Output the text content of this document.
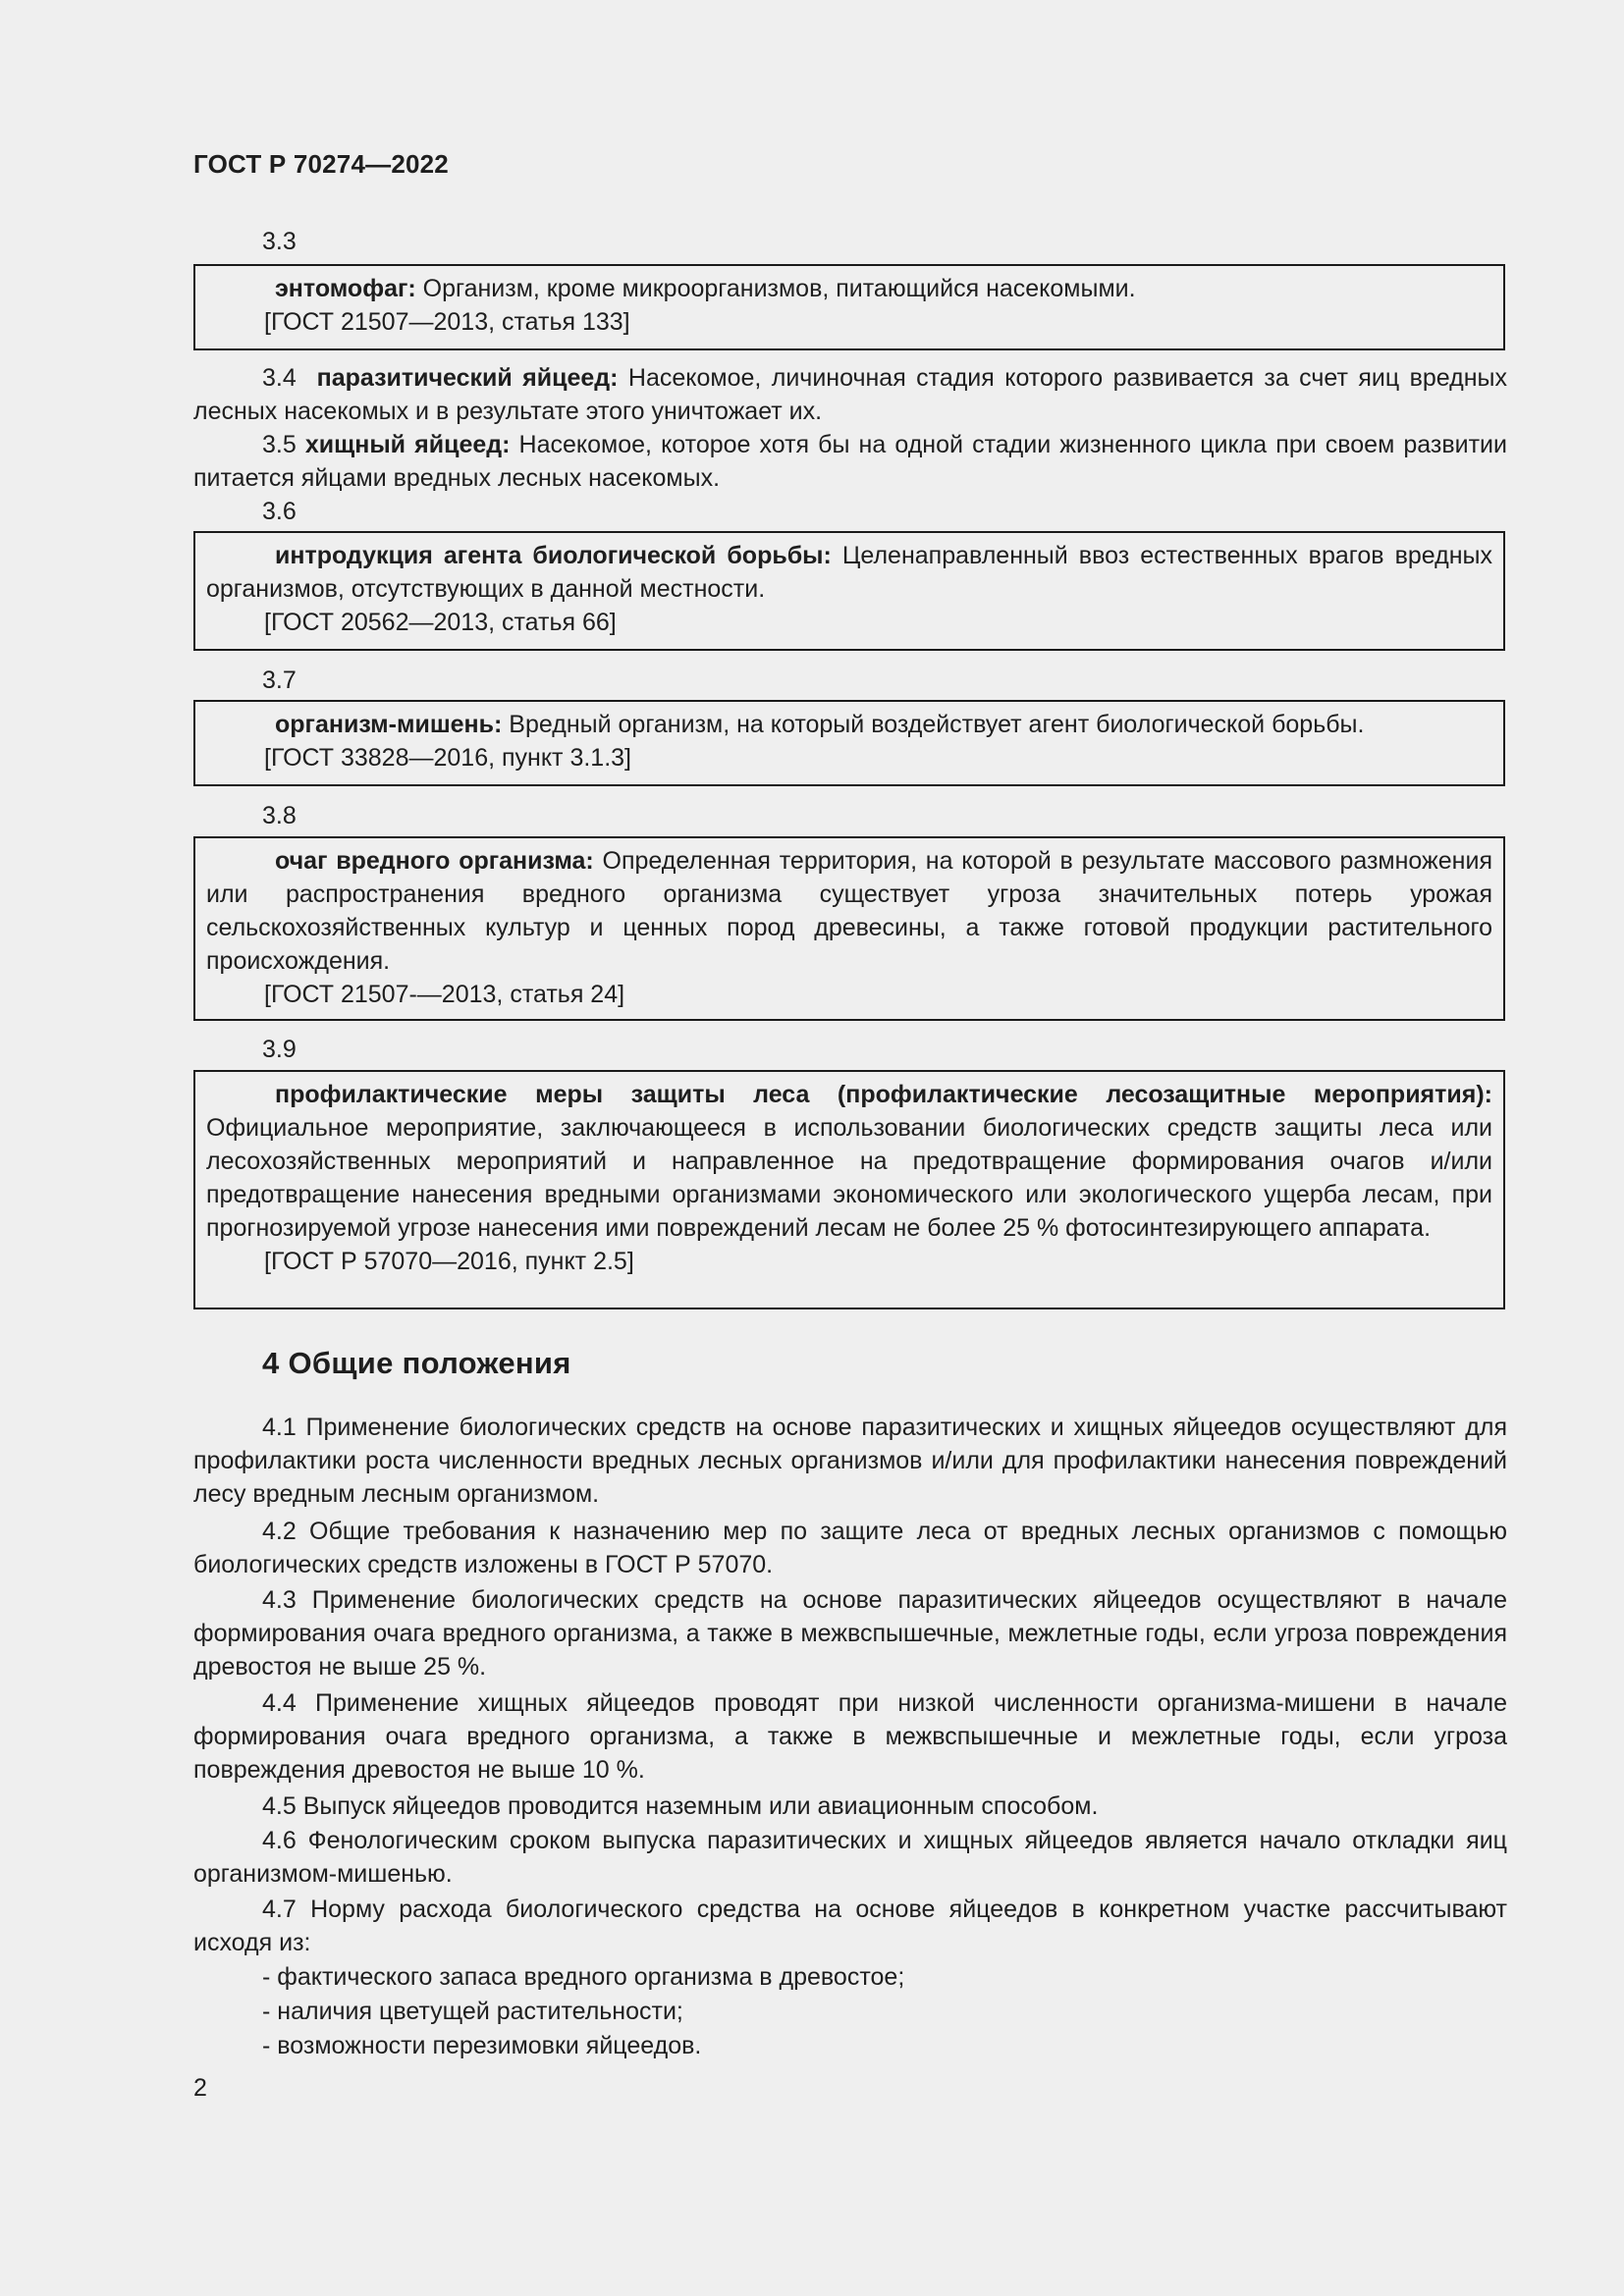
ГОСТ Р 70274—2022
3.3
энтомофаг: Организм, кроме микроорганизмов, питающийся насекомыми.
[ГОСТ 21507—2013, статья 133]
3.4 паразитический яйцеед: Насекомое, личиночная стадия которого развивается за счет яиц вредных лесных насекомых и в результате этого уничтожает их.
3.5 хищный яйцеед: Насекомое, которое хотя бы на одной стадии жизненного цикла при своем развитии питается яйцами вредных лесных насекомых.
3.6
интродукция агента биологической борьбы: Целенаправленный ввоз естественных врагов вредных организмов, отсутствующих в данной местности.
[ГОСТ 20562—2013, статья 66]
3.7
организм-мишень: Вредный организм, на который воздействует агент биологической борьбы.
[ГОСТ 33828—2016, пункт 3.1.3]
3.8
очаг вредного организма: Определенная территория, на которой в результате массового размножения или распространения вредного организма существует угроза значительных потерь урожая сельскохозяйственных культур и ценных пород древесины, а также готовой продукции растительного происхождения.
[ГОСТ 21507-—2013, статья 24]
3.9
профилактические меры защиты леса (профилактические лесозащитные мероприятия): Официальное мероприятие, заключающееся в использовании биологических средств защиты леса или лесохозяйственных мероприятий и направленное на предотвращение формирования очагов и/или предотвращение нанесения вредными организмами экономического или экологического ущерба лесам, при прогнозируемой угрозе нанесения ими повреждений лесам не более 25 % фотосинтезирующего аппарата.
[ГОСТ Р 57070—2016, пункт 2.5]
4 Общие положения
4.1 Применение биологических средств на основе паразитических и хищных яйцеедов осуществляют для профилактики роста численности вредных лесных организмов и/или для профилактики нанесения повреждений лесу вредным лесным организмом.
4.2 Общие требования к назначению мер по защите леса от вредных лесных организмов с помощью биологических средств изложены в ГОСТ Р 57070.
4.3 Применение биологических средств на основе паразитических яйцеедов осуществляют в начале формирования очага вредного организма, а также в межвспышечные, межлетные годы, если угроза повреждения древостоя не выше 25 %.
4.4 Применение хищных яйцеедов проводят при низкой численности организма-мишени в начале формирования очага вредного организма, а также в межвспышечные и межлетные годы, если угроза повреждения древостоя не выше 10 %.
4.5 Выпуск яйцеедов проводится наземным или авиационным способом.
4.6 Фенологическим сроком выпуска паразитических и хищных яйцеедов является начало откладки яиц организмом-мишенью.
4.7 Норму расхода биологического средства на основе яйцеедов в конкретном участке рассчитывают исходя из:
- фактического запаса вредного организма в древостое;
- наличия цветущей растительности;
- возможности перезимовки яйцеедов.
2
